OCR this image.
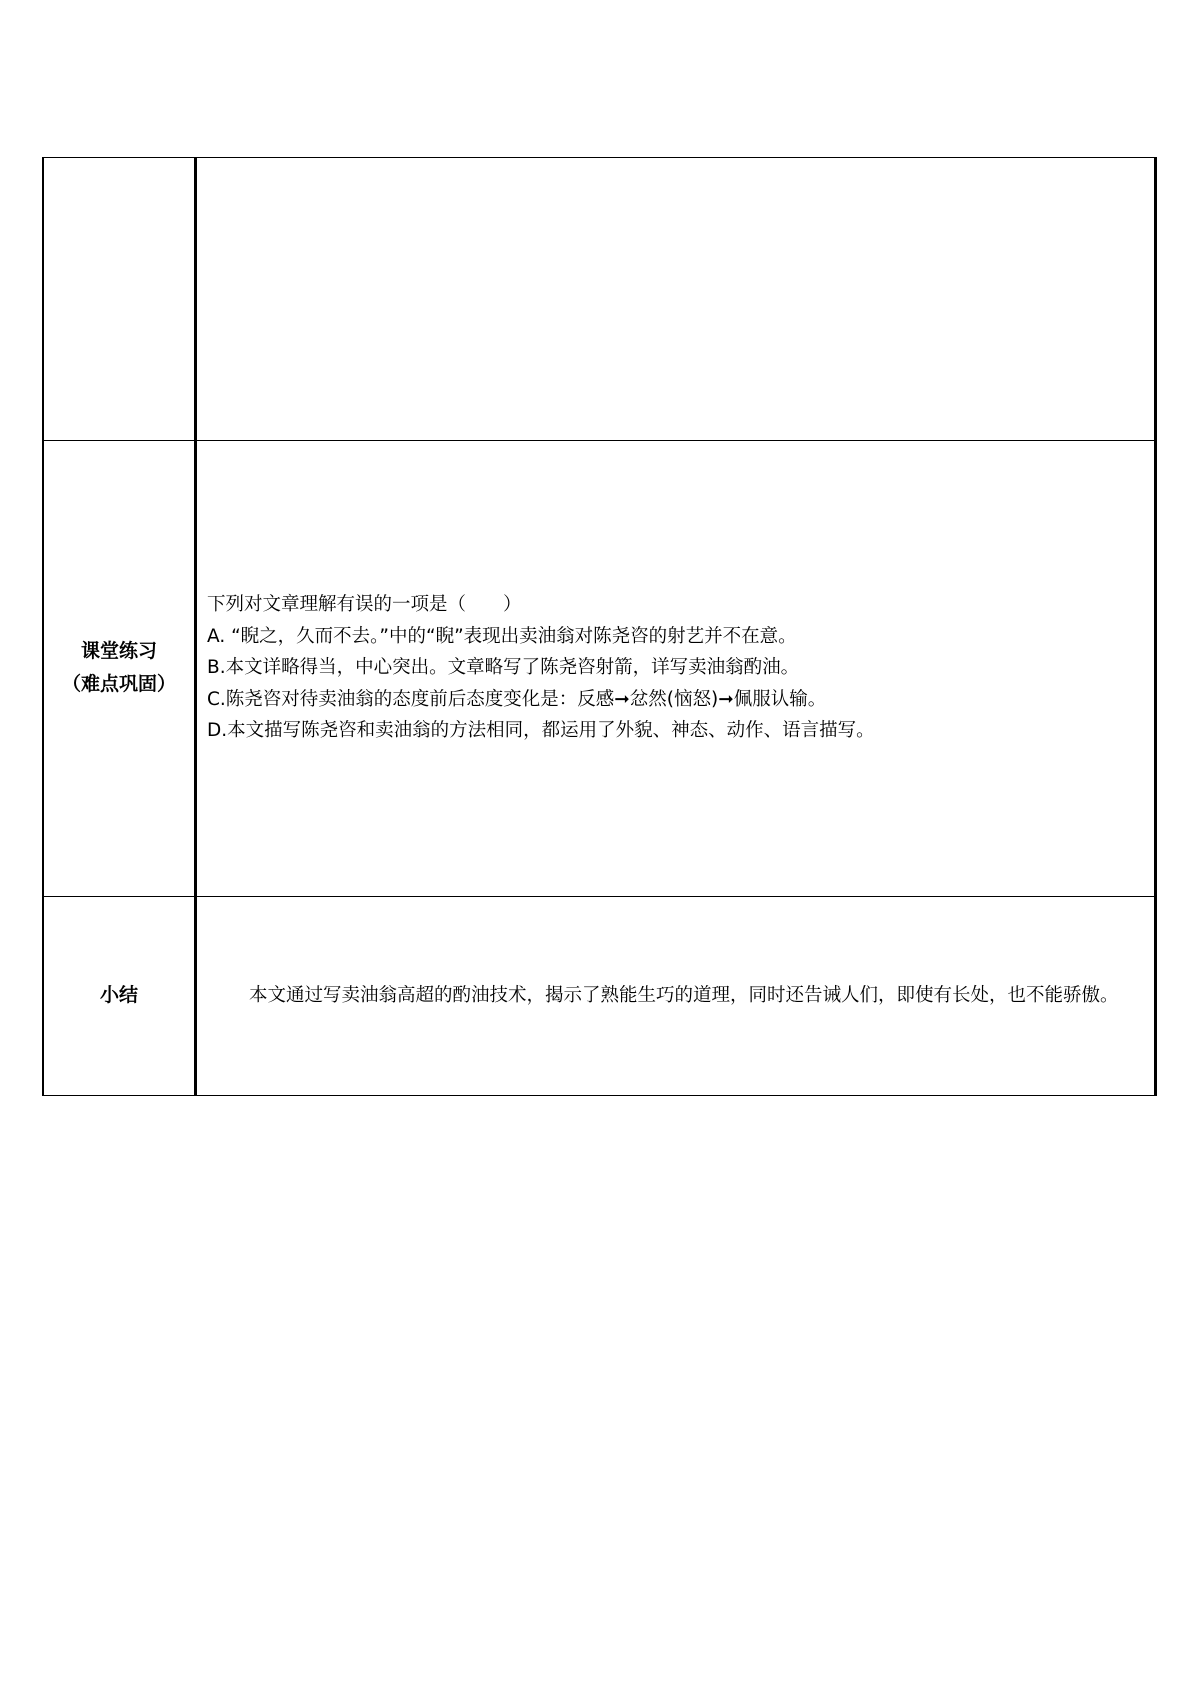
课堂练习
（难点巩固）	下列对文章理解有误的一项是（　　）
A. “睨之，久而不去。”中的“睨”表现出卖油翁对陈尧咨的射艺并不在意。
B.本文详略得当，中心突出。文章略写了陈尧咨射箭，详写卖油翁酌油。
C.陈尧咨对待卖油翁的态度前后态度变化是：反感➞忿然(恼怒)➞佩服认输。
D.本文描写陈尧咨和卖油翁的方法相同，都运用了外貌、神态、动作、语言描写。

小结	本文通过写卖油翁高超的酌油技术，揭示了熟能生巧的道理，同时还告诫人们，即使有长处，也不能骄傲。
